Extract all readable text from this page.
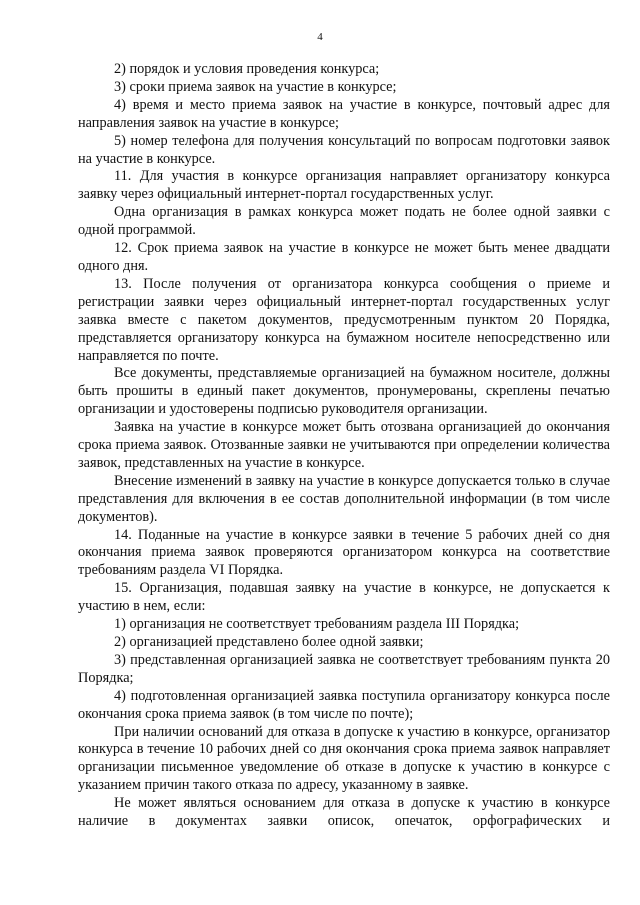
4

2) порядок и условия проведения конкурса;

3) сроки приема заявок на участие в конкурсе;

4) время и место приема заявок на участие в конкурсе, почтовый адрес для направления заявок на участие в конкурсе;

5) номер телефона для получения консультаций по вопросам подготовки заявок на участие в конкурсе.

11. Для участия в конкурсе организация направляет организатору конкурса заявку через официальный интернет-портал государственных услуг.

Одна организация в рамках конкурса может подать не более одной заявки с одной программой.

12. Срок приема заявок на участие в конкурсе не может быть менее двадцати одного дня.

13. После получения от организатора конкурса сообщения о приеме и регистрации заявки через официальный интернет-портал государственных услуг заявка вместе с пакетом документов, предусмотренным пунктом 20 Порядка, представляется организатору конкурса на бумажном носителе непосредственно или направляется по почте.

Все документы, представляемые организацией на бумажном носителе, должны быть прошиты в единый пакет документов, пронумерованы, скреплены печатью организации и удостоверены подписью руководителя организации.

Заявка на участие в конкурсе может быть отозвана организацией до окончания срока приема заявок. Отозванные заявки не учитываются при определении количества заявок, представленных на участие в конкурсе.

Внесение изменений в заявку на участие в конкурсе допускается только в случае представления для включения в ее состав дополнительной информации (в том числе документов).

14. Поданные на участие в конкурсе заявки в течение 5 рабочих дней со дня окончания приема заявок проверяются организатором конкурса на соответствие требованиям раздела VI Порядка.

15. Организация, подавшая заявку на участие в конкурсе, не допускается к участию в нем, если:

1) организация не соответствует требованиям раздела III Порядка;

2) организацией представлено более одной заявки;

3) представленная организацией заявка не соответствует требованиям пункта 20 Порядка;

4) подготовленная организацией заявка поступила организатору конкурса после окончания срока приема заявок (в том числе по почте);

При наличии оснований для отказа в допуске к участию в конкурсе, организатор конкурса в течение 10 рабочих дней со дня окончания срока приема заявок направляет организации письменное уведомление об отказе в допуске к участию в конкурсе с указанием причин такого отказа по адресу, указанному в заявке.

Не может являться основанием для отказа в допуске к участию в конкурсе наличие в документах заявки описок, опечаток, орфографических и
